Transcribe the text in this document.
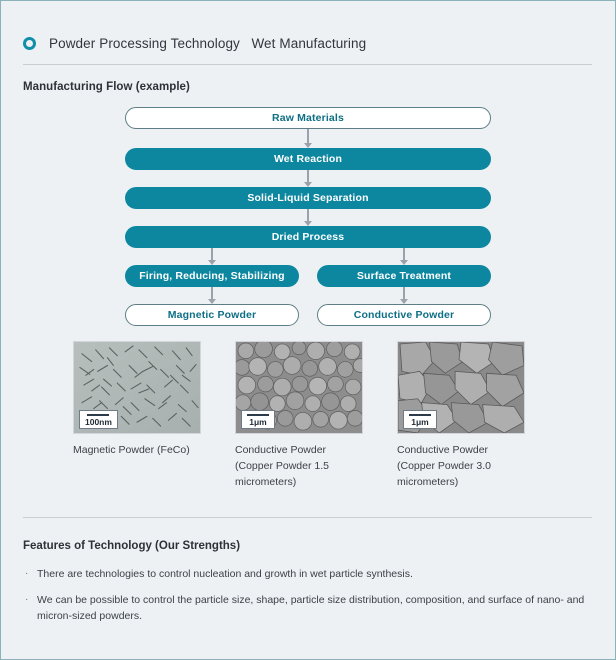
Powder Processing Technology   Wet Manufacturing
Manufacturing Flow (example)
Raw Materials
Wet Reaction
Solid-Liquid Separation
Dried Process
Firing, Reducing, Stabilizing	Surface Treatment
Magnetic Powder	Conductive Powder
100nm
Magnetic Powder (FeCo)
1μm
Conductive Powder (Copper Powder 1.5 micrometers)
1μm
Conductive Powder (Copper Powder 3.0 micrometers)
Features of Technology (Our Strengths)
· There are technologies to control nucleation and growth in wet particle synthesis.
· We can be possible to control the particle size, shape, particle size distribution, composition, and surface of nano- and micron-sized powders.
